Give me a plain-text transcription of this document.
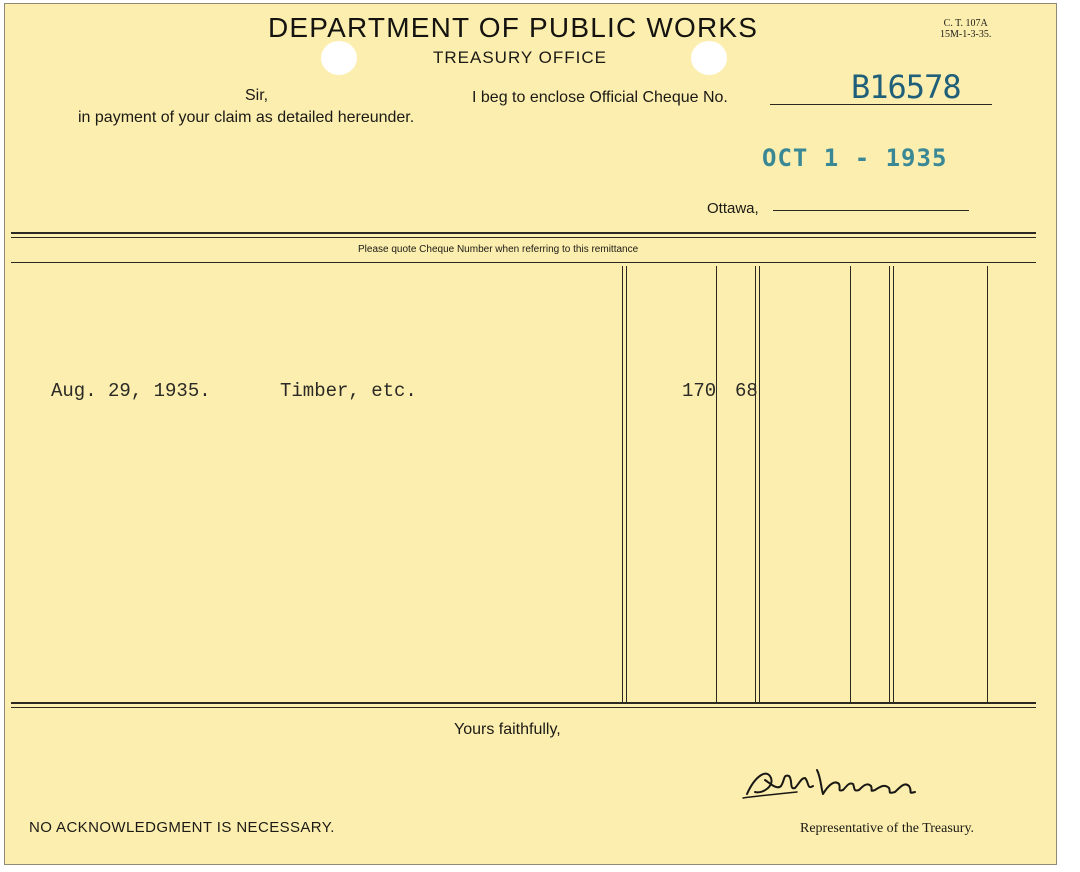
DEPARTMENT OF PUBLIC WORKS
TREASURY OFFICE
C. T. 107A
15M-1-3-35.
Sir,	I beg to enclose Official Cheque No.	B16578
in payment of your claim as detailed hereunder.
OCT 1 - 1935
Ottawa,
Please quote Cheque Number when referring to this remittance
Aug. 29, 1935.	Timber, etc.	170 68
Yours faithfully,
NO ACKNOWLEDGMENT IS NECESSARY.	Representative of the Treasury.
